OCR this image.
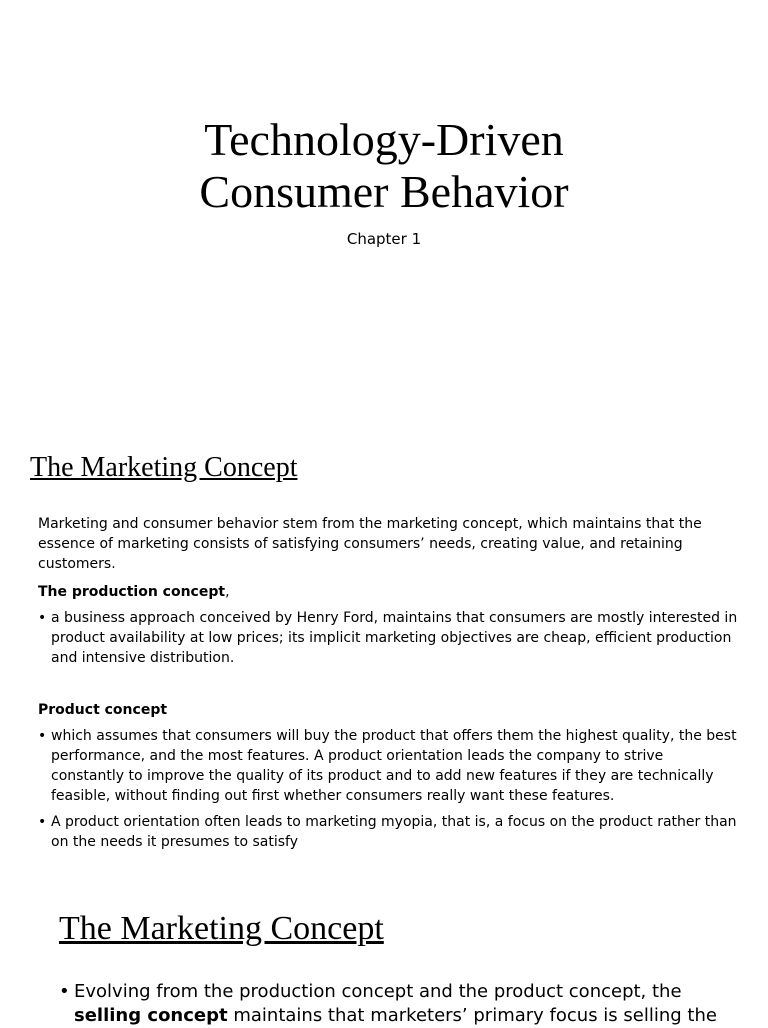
Technology-Driven
Consumer Behavior
Chapter 1
The Marketing Concept

Marketing and consumer behavior stem from the marketing concept, which maintains that the essence of marketing consists of satisfying consumers’ needs, creating value, and retaining customers.

The production concept,

• a business approach conceived by Henry Ford, maintains that consumers are mostly interested in product availability at low prices; its implicit marketing objectives are cheap, efficient production and intensive distribution.

Product concept

• which assumes that consumers will buy the product that offers them the highest quality, the best performance, and the most features. A product orientation leads the company to strive constantly to improve the quality of its product and to add new features if they are technically feasible, without finding out first whether consumers really want these features.
• A product orientation often leads to marketing myopia, that is, a focus on the product rather than on the needs it presumes to satisfy
The Marketing Concept
• Evolving from the production concept and the product concept, the selling concept maintains that marketers’ primary focus is selling the
